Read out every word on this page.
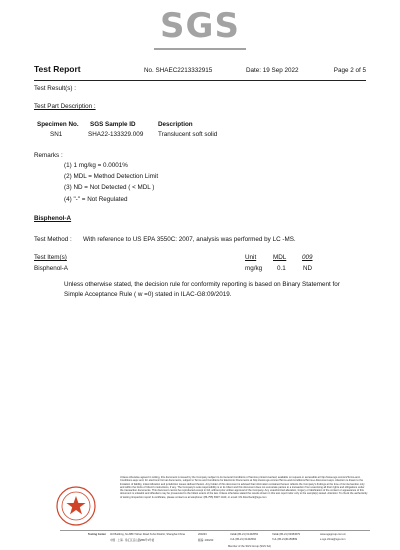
SGS
Test Report	No. SHAEC2213332915	Date: 19 Sep 2022	Page 2 of 5
Test Result(s) :
Test Part Description :
Specimen No. SGS Sample ID	Description
SN1	SHA22-133329.009 Translucent soft solid
Remarks :
(1) 1 mg/kg = 0.0001%
(2) MDL = Method Detection Limit
(3) ND = Not Detected ( < MDL )
(4) "-" = Not Regulated
Bisphenol-A
Test Method : With reference to US EPA 3550C: 2007, analysis was performed by LC -MS.
Test Item(s)	Unit	MDL 009
Bisphenol-A	mg/kg 0.1	ND
Unless otherwise stated, the decision rule for conformity reporting is based on Binary Statement for
Simple Acceptance Rule ( w =0) stated in ILAC-G8:09/2019.
Unless otherwise agreed in writing, this document is issued by the Company subject to its General Conditions of Service printed overleaf, available on request or accessible at http://www.sgs.com/en/Terms-and-Conditions.aspx and, for electronic format documents, subject to Terms and Conditions for Electronic Documents at http://www.sgs.com/en/Terms-and-Conditions/Terms-e-Document.aspx. Attention is drawn to the limitation of liability, indemnification and jurisdiction issues defined therein. Any holder of this document is advised that information contained hereon reflects the Company's findings at the time of its intervention only and within the limits of Client's instructions, if any. The Company's sole responsibility is to its Client and this document does not exonerate parties to a transaction from exercising all their rights and obligations under the transaction documents. This document cannot be reproduced except in full, without prior written approval of the Company. Any unauthorized alteration, forgery or falsification of the content or appearance of this document is unlawful and offenders may be prosecuted to the fullest extent of the law. Unless otherwise stated the results shown in this test report refer only to the sample(s) tested. Attention: To check the authenticity of testing /inspection report & certificate, please contact us at telephone: (86-755) 8307 1443, or email: CN.Doccheck@sgs.com
Testing Center 3rd Building, No.889 Yishan Road Xuhui District, Shanghai China	200233	t E&E (86-21) 61402553	f E&E (86-21) 64953679	www.sgsgroup.com.cn
中国 · 上海 · 徐汇区宜山路889号3号楼	邮编: 200233	t HL (86-21) 61402594	f HL (86-21)61156899	e sgs.china@sgs.com
Member of the SGS Group (SGS SA)
